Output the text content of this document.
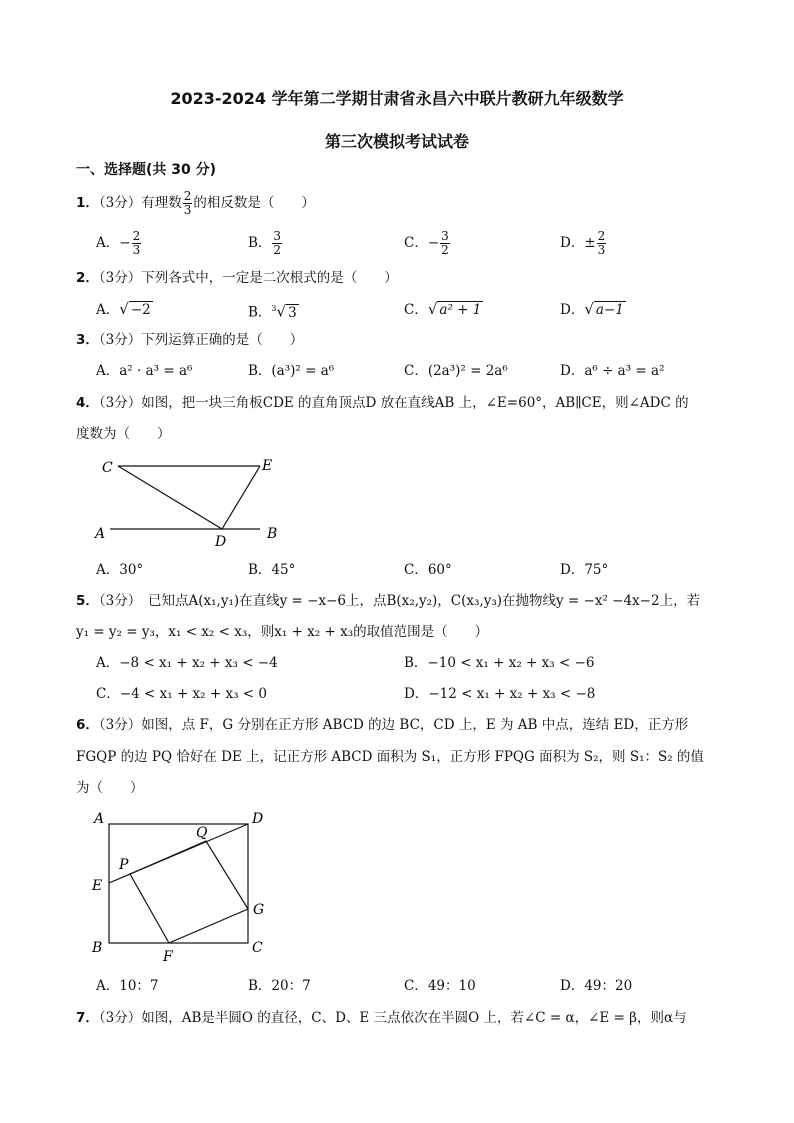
2023-2024 学年第二学期甘肃省永昌六中联片教研九年级数学
第三次模拟考试试卷
一、选择题(共 30 分)
1．（3分）有理数 $\frac{2}{3}$ 的相反数是（　　）
A．− $\frac{2}{3}$	B． $\frac{3}{2}$	C．− $\frac{3}{2}$	D．± $\frac{2}{3}$
2．（3分）下列各式中，一定是二次根式的是（　　）
A．√ −2	B．$^3$√ 3	C．√ a² + 1	D．√ a−1
3．（3分）下列运算正确的是（　　）
A．a² · a³ = a⁶	B．(a³)² = a⁶	C．(2a³)² = 2a⁶	D．a⁶ ÷ a³ = a²
4．（3分）如图，把一块三角板CDE 的直角顶点D 放在直线AB 上，∠E=60°，AB∥CE，则∠ADC 的
度数为（　　）
C	E
A	B
D
A．30°	B．45°	C．60°	D．75°
5．（3分）　已知点A(x₁,y₁)在直线y = −x−6上，点B(x₂,y₂)，C(x₃,y₃)在抛物线y = −x² −4x−2上，若
y₁ = y₂ = y₃，x₁ < x₂ < x₃，则x₁ + x₂ + x₃的取值范围是（　　）
A．−8 < x₁ + x₂ + x₃ < −4	B．−10 < x₁ + x₂ + x₃ < −6
C．−4 < x₁ + x₂ + x₃ < 0	D．−12 < x₁ + x₂ + x₃ < −8
6．（3分）如图，点 F，G 分别在正方形 ABCD 的边 BC，CD 上，E 为 AB 中点，连结 ED，正方形
FGQP 的边 PQ 恰好在 DE 上，记正方形 ABCD 面积为 S₁，正方形 FPQG 面积为 S₂，则 S₁：S₂ 的值
为（　　）
A	D
Q
P
E
G
B
F
C
A．10：7	B．20：7	C．49：10	D．49：20
7．（3分）如图，AB是半圆O 的直径，C、D、E 三点依次在半圆O 上，若∠C = α，∠E = β，则α与
